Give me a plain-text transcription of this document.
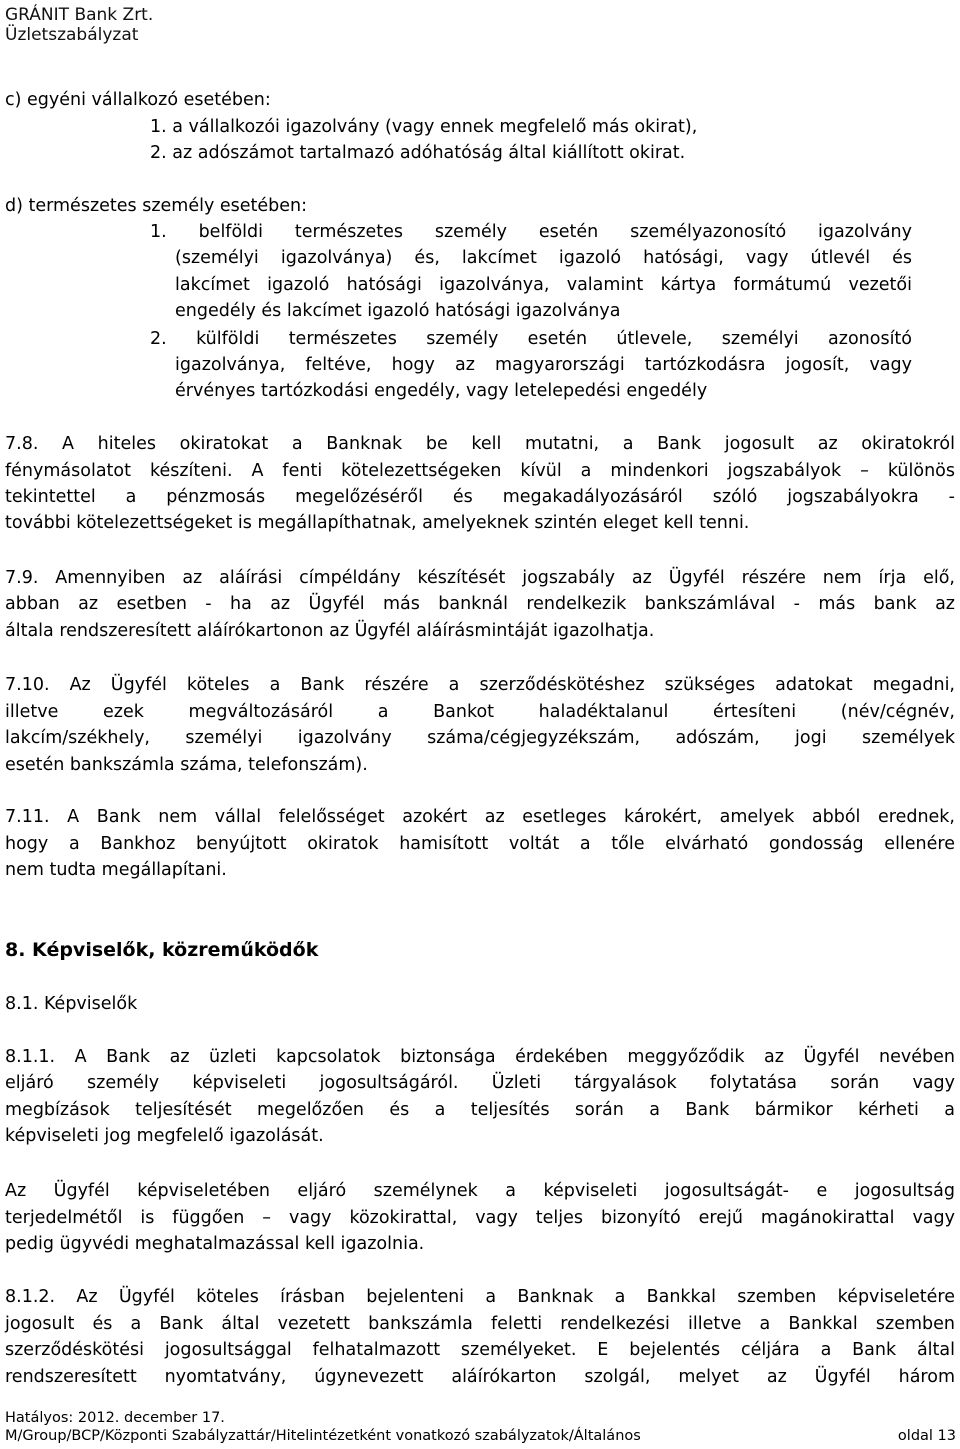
GRÁNIT Bank Zrt.
Üzletszabályzat
c) egyéni vállalkozó esetében:
1. a vállalkozói igazolvány (vagy ennek megfelelő más okirat),
2. az adószámot tartalmazó adóhatóság által kiállított okirat.
d) természetes személy esetében:
1. belföldi természetes személy esetén személyazonosító igazolvány
(személyi igazolványa) és, lakcímet igazoló hatósági, vagy útlevél és
lakcímet igazoló hatósági igazolványa, valamint kártya formátumú vezetői
engedély és lakcímet igazoló hatósági igazolványa
2. külföldi természetes személy esetén útlevele, személyi azonosító
igazolványa, feltéve, hogy az magyarországi tartózkodásra jogosít, vagy
érvényes tartózkodási engedély, vagy letelepedési engedély
7.8. A hiteles okiratokat a Banknak be kell mutatni, a Bank jogosult az okiratokról
fénymásolatot készíteni. A fenti kötelezettségeken kívül a mindenkori jogszabályok – különös
tekintettel a pénzmosás megelőzéséről és megakadályozásáról szóló jogszabályokra -
további kötelezettségeket is megállapíthatnak, amelyeknek szintén eleget kell tenni.
7.9. Amennyiben az aláírási címpéldány készítését jogszabály az Ügyfél részére nem írja elő,
abban az esetben - ha az Ügyfél más banknál rendelkezik bankszámlával - más bank az
általa rendszeresített aláírókartonon az Ügyfél aláírásmintáját igazolhatja.
7.10. Az Ügyfél köteles a Bank részére a szerződéskötéshez szükséges adatokat megadni,
illetve ezek megváltozásáról a Bankot haladéktalanul értesíteni (név/cégnév,
lakcím/székhely, személyi igazolvány száma/cégjegyzékszám, adószám, jogi személyek
esetén bankszámla száma, telefonszám).
7.11. A Bank nem vállal felelősséget azokért az esetleges károkért, amelyek abból erednek,
hogy a Bankhoz benyújtott okiratok hamisított voltát a tőle elvárható gondosság ellenére
nem tudta megállapítani.
8. Képviselők, közreműködők
8.1. Képviselők
8.1.1. A Bank az üzleti kapcsolatok biztonsága érdekében meggyőződik az Ügyfél nevében
eljáró személy képviseleti jogosultságáról. Üzleti tárgyalások folytatása során vagy
megbízások teljesítését megelőzően és a teljesítés során a Bank bármikor kérheti a
képviseleti jog megfelelő igazolását.
Az Ügyfél képviseletében eljáró személynek a képviseleti jogosultságát- e jogosultság
terjedelmétől is függően – vagy közokirattal, vagy teljes bizonyító erejű magánokirattal vagy
pedig ügyvédi meghatalmazással kell igazolnia.
8.1.2. Az Ügyfél köteles írásban bejelenteni a Banknak a Bankkal szemben képviseletére
jogosult és a Bank által vezetett bankszámla feletti rendelkezési illetve a Bankkal szemben
szerződéskötési jogosultsággal felhatalmazott személyeket. E bejelentés céljára a Bank által
rendszeresített nyomtatvány, úgynevezett aláírókarton szolgál, melyet az Ügyfél három
Hatályos: 2012. december 17.
M/Group/BCP/Központi Szabályzattár/Hitelintézetként vonatkozó szabályzatok/Általános	oldal 13
